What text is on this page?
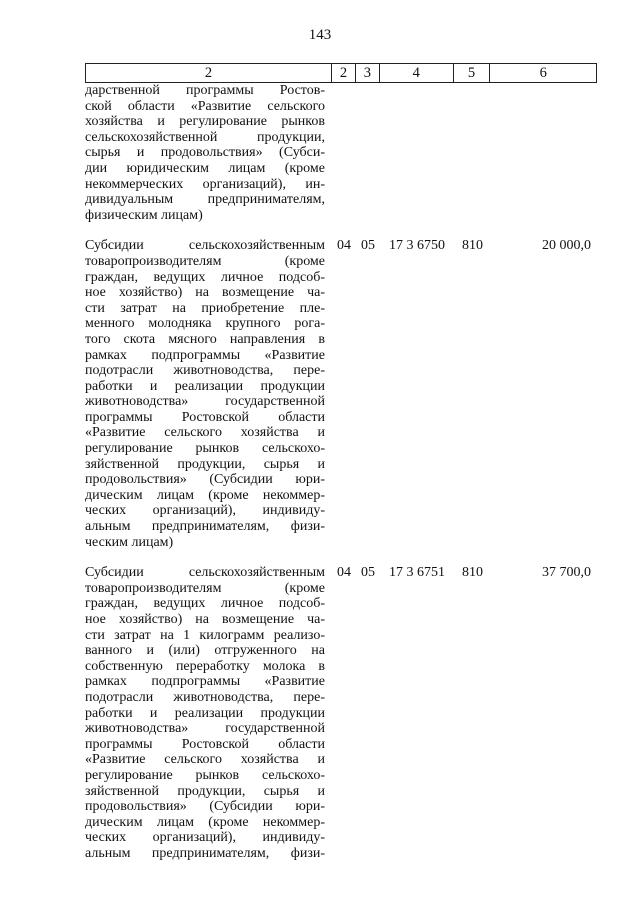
143
2	2	3	4	5	6
дарственной программы Ростов-
ской области «Развитие сельского
хозяйства и регулирование рынков
сельскохозяйственной продукции,
сырья и продовольствия» (Субси-
дии юридическим лицам (кроме
некоммерческих организаций), ин-
дивидуальным предпринимателям,
физическим лицам)
Субсидии сельскохозяйственным
товаропроизводителям (кроме
граждан, ведущих личное подсоб-
ное хозяйство) на возмещение ча-
сти затрат на приобретение пле-
менного молодняка крупного рога-
того скота мясного направления в
рамках подпрограммы «Развитие
подотрасли животноводства, пере-
работки и реализации продукции
животноводства» государственной
программы Ростовской области
«Развитие сельского хозяйства и
регулирование рынков сельскохо-
зяйственной продукции, сырья и
продовольствия» (Субсидии юри-
дическим лицам (кроме некоммер-
ческих организаций), индивиду-
альным предпринимателям, физи-
ческим лицам)
04 05	17 3 6750	810	20 000,0
Субсидии сельскохозяйственным
товаропроизводителям (кроме
граждан, ведущих личное подсоб-
ное хозяйство) на возмещение ча-
сти затрат на 1 килограмм реализо-
ванного и (или) отгруженного на
собственную переработку молока в
рамках подпрограммы «Развитие
подотрасли животноводства, пере-
работки и реализации продукции
животноводства» государственной
программы Ростовской области
«Развитие сельского хозяйства и
регулирование рынков сельскохо-
зяйственной продукции, сырья и
продовольствия» (Субсидии юри-
дическим лицам (кроме некоммер-
ческих организаций), индивиду-
альным предпринимателям, физи-
04 05	17 3 6751	810	37 700,0
